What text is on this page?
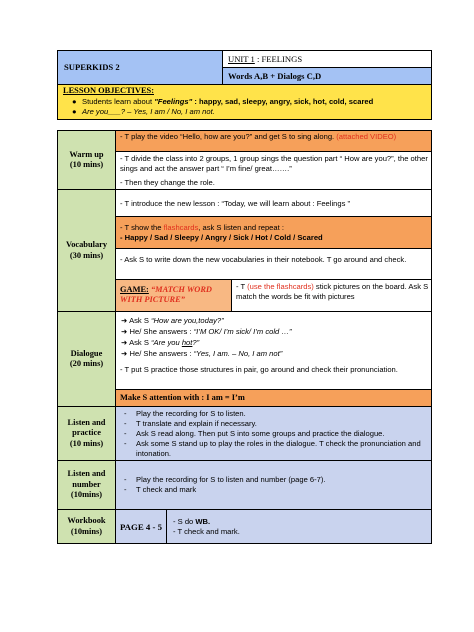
SUPERKIDS 2
UNIT 1 : FEELINGS
Words A,B + Dialogs C,D
LESSON OBJECTIVES:
● Students learn about "Feelings" : happy, sad, sleepy, angry, sick, hot, cold, scared
● Are you___? – Yes, I am / No, I am not.
Warm up
(10 mins)
- T play the video “Hello, how are you?” and get S to sing along. (attached VIDEO)
- T divide the class into 2 groups, 1 group sings the question part “ How are you?”, the other sings and act the answer part “ I’m fine/ great…….”
- Then they change the role.
Vocabulary
(30 mins)
- T introduce the new lesson : “Today, we will learn about : Feelings ”
- T show the flashcards, ask S listen and repeat :
- Happy / Sad / Sleepy / Angry / Sick / Hot / Cold / Scared
- Ask S to write down the new vocabularies in their notebook. T go around and check.
GAME: “MATCH WORD WITH PICTURE”
- T (use the flashcards) stick pictures on the board. Ask S match the words be fit with pictures
Dialogue
(20 mins)
➜ Ask S “How are you,today?”
➜ He/ She answers : “I’M OK/ I’m sick/ I’m cold …”
➜ Ask S “Are you hot?”
➜ He/ She answers : “Yes, I am. – No, I am not”
- T put S practice those structures in pair, go around and check their pronunciation.
Make S attention with : I am = I’m
Listen and
practice
(10 mins)
- Play the recording for S to listen.
- T translate and explain if necessary.
- Ask S read along. Then put S into some groups and practice the dialogue.
- Ask some S stand up to play the roles in the dialogue. T check the pronunciation and intonation.
Listen and
number
(10mins)
- Play the recording for S to listen and number (page 6-7).
- T check and mark
Workbook
(10mins)	PAGE 4 - 5 - S do WB.
- T check and mark.
